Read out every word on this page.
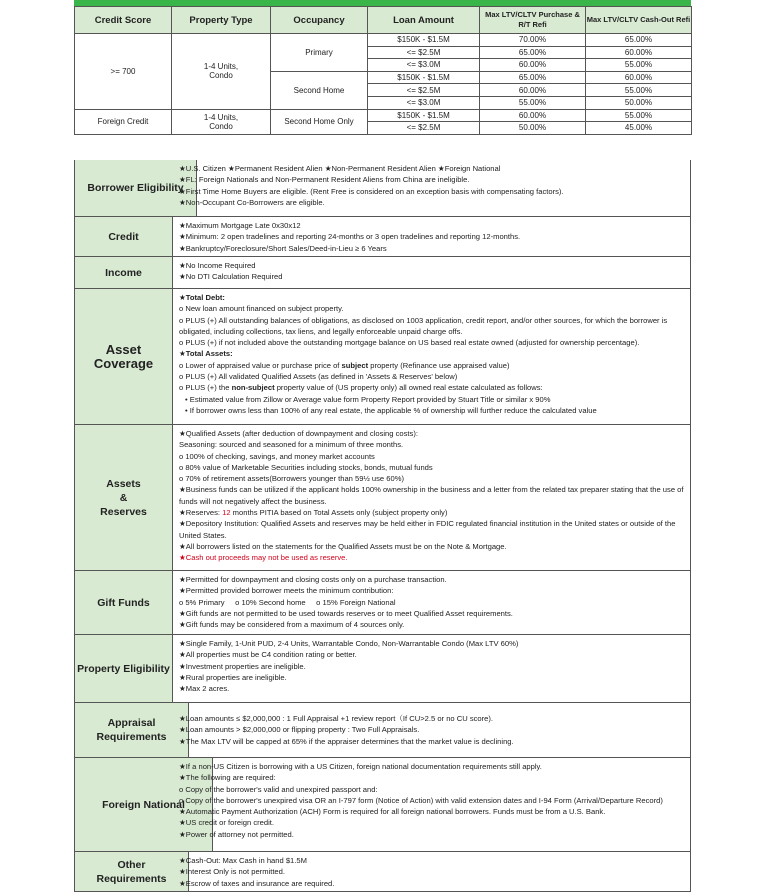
Credit Score	Property Type	Occupancy	Loan Amount	Max LTV/CLTV Purchase & R/T Refi	Max LTV/CLTV Cash-Out Refi
>= 700	1-4 Units, Condo	Primary	$150K - $1.5M	70.00%	65.00%
			<= $2.5M	65.00%	60.00%
			<= $3.0M	60.00%	55.00%
		Second Home	$150K - $1.5M	65.00%	60.00%
			<= $2.5M	60.00%	55.00%
			<= $3.0M	55.00%	50.00%
Foreign Credit	1-4 Units, Condo	Second Home Only	$150K - $1.5M	60.00%	55.00%
			<= $2.5M	50.00%	45.00%
Borrower Eligibility
★U.S. Citizen ★Permanent Resident Alien ★Non-Permanent Resident Alien ★Foreign National
★FL: Foreign Nationals and Non-Permanent Resident Aliens from China are ineligible.
★First Time Home Buyers are eligible. (Rent Free is considered on an exception basis with compensating factors).
★Non-Occupant Co-Borrowers are eligible.
Credit
★Maximum Mortgage Late 0x30x12
★Minimum: 2 open tradelines and reporting 24-months or 3 open tradelines and reporting 12-months.
★Bankruptcy/Foreclosure/Short Sales/Deed-in-Lieu ≥ 6 Years
Income
★No Income Required
★No DTI Calculation Required
Asset Coverage
★Total Debt:
o New loan amount financed on subject property.
o PLUS (+) All outstanding balances of obligations, as disclosed on 1003 application, credit report, and/or other sources, for which the borrower is obligated, including collections, tax liens, and legally enforceable unpaid charge offs.
o PLUS (+) if not included above the outstanding mortgage balance on US based real estate owned (adjusted for ownership percentage).
★Total Assets:
o Lower of appraised value or purchase price of subject property (Refinance use appraised value)
o PLUS (+) All validated Qualified Assets (as defined in 'Assets & Reserves' below)
o PLUS (+) the non-subject property value of (US property only) all owned real estate calculated as follows:
• Estimated value from Zillow or Average value form Property Report provided by Stuart Title or similar x 90%
• If borrower owns less than 100% of any real estate, the applicable % of ownership will further reduce the calculated value
Assets
&
Reserves
★Qualified Assets (after deduction of downpayment and closing costs):
Seasoning: sourced and seasoned for a minimum of three months.
o 100% of checking, savings, and money market accounts
o 80% value of Marketable Securities including stocks, bonds, mutual funds
o 70% of retirement assets(Borrowers younger than 59½ use 60%)
★Business funds can be utilized if the applicant holds 100% ownership in the business and a letter from the related tax preparer stating that the use of funds will not negatively affect the business.
★Reserves: 12 months PITIA based on Total Assets only (subject property only)
★Depository Institution: Qualified Assets and reserves may be held either in FDIC regulated financial institution in the United states or outside of the United States.
★All borrowers listed on the statements for the Qualified Assets must be on the Note & Mortgage.
★Cash out proceeds may not be used as reserve.
Gift Funds
★Permitted for downpayment and closing costs only on a purchase transaction.
★Permitted provided borrower meets the minimum contribution:
o 5% Primary     o 10% Second home     o 15% Foreign National
★Gift funds are not permitted to be used towards reserves or to meet Qualified Asset requirements.
★Gift funds may be considered from a maximum of 4 sources only.
Property Eligibility
★Single Family, 1-Unit PUD, 2-4 Units, Warrantable Condo, Non-Warrantable Condo (Max LTV 60%)
★All properties must be C4 condition rating or better.
★Investment properties are ineligible.
★Rural properties are ineligible.
★Max 2 acres.
Appraisal Requirements
★Loan amounts ≤ $2,000,000 : 1 Full Appraisal +1 review report（If CU>2.5 or no CU score).
★Loan amounts > $2,000,000 or flipping property : Two Full Appraisals.
★The Max LTV will be capped at 65% if the appraiser determines that the market value is declining.
Foreign National
★If a non-US Citizen is borrowing with a US Citizen, foreign national documentation requirements still apply.
★The following are required:
o Copy of the borrower's valid and unexpired passport and:
o Copy of the borrower's unexpired visa OR an I-797 form (Notice of Action) with valid extension dates and I-94 Form (Arrival/Departure Record)
★Automatic Payment Authorization (ACH) Form is required for all foreign national borrowers. Funds must be from a U.S. Bank.
★US credit or foreign credit.
★Power of attorney not permitted.
Other Requirements
★Cash-Out: Max Cash in hand $1.5M
★Interest Only is not permitted.
★Escrow of taxes and insurance are required.
